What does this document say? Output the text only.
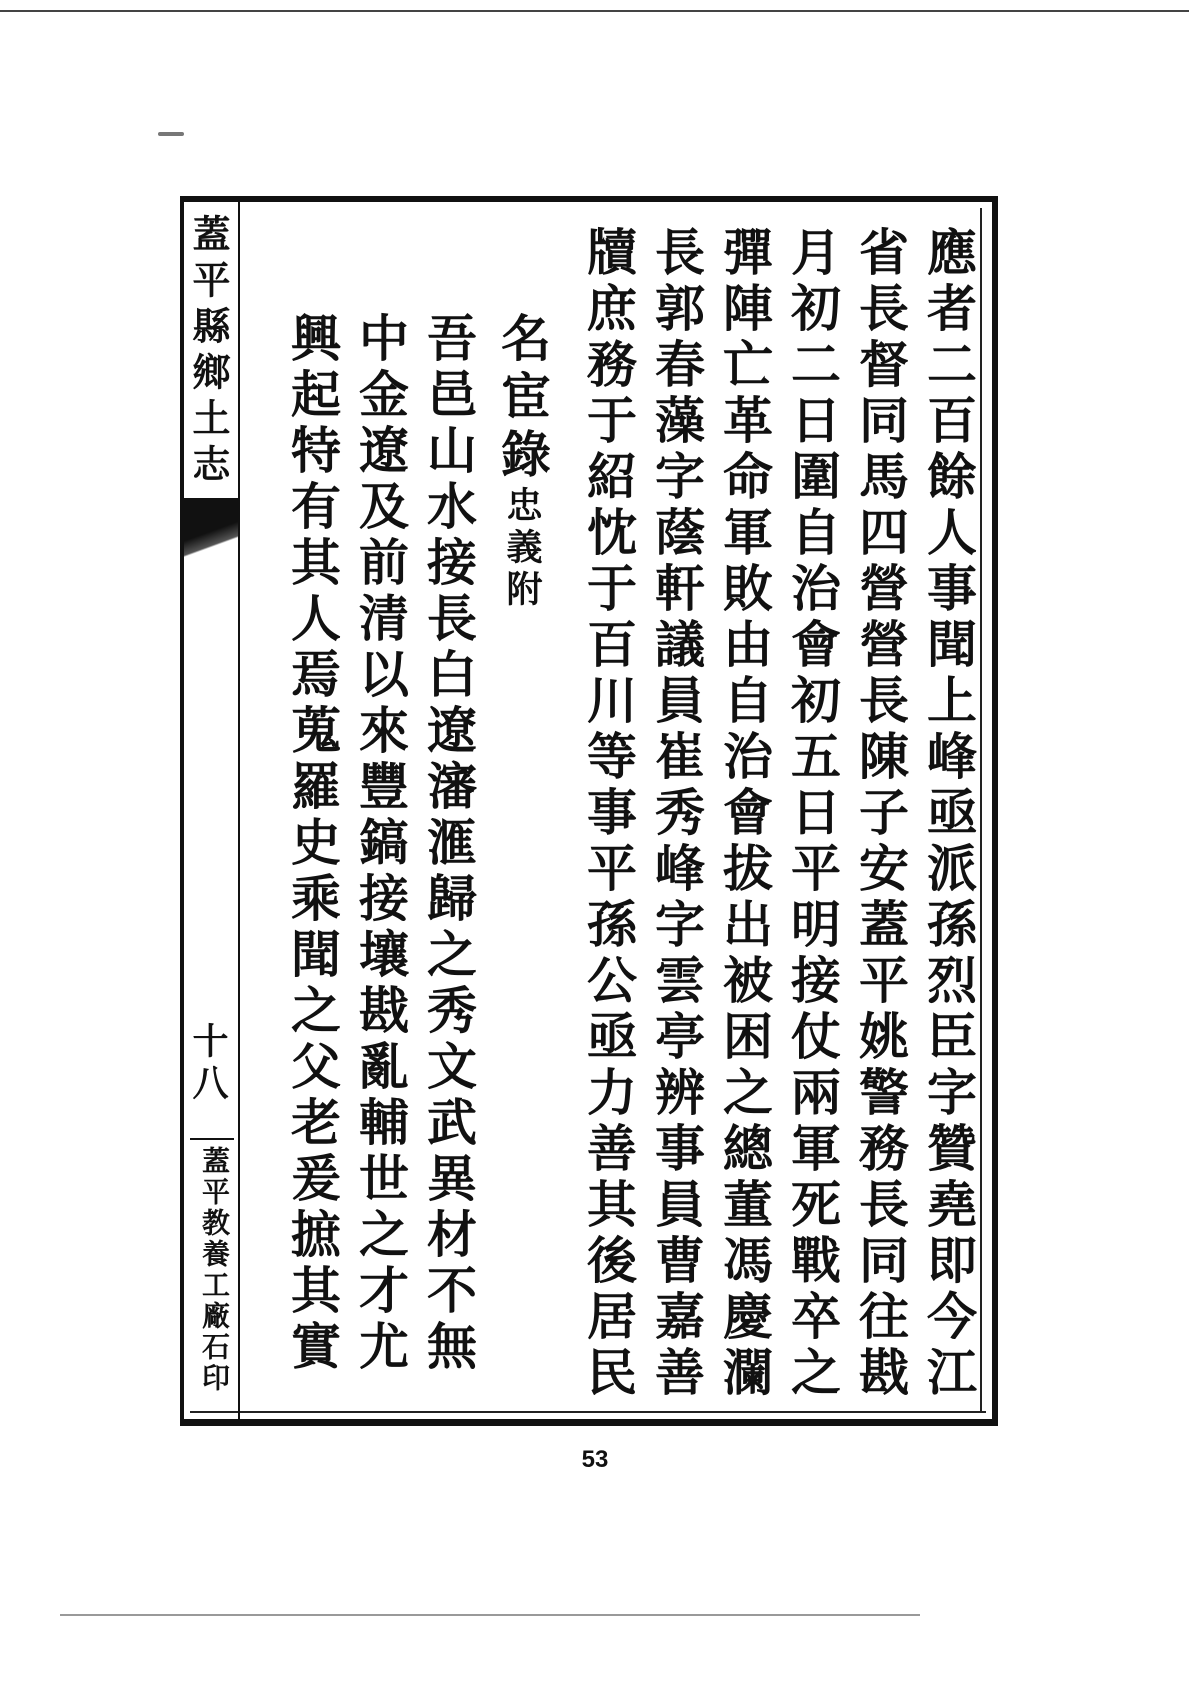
蓋平縣鄉土志
十八
蓋平教養工廠石印
應者二百餘人事聞上峰亟派孫烈臣字贊堯即今江
省長督同馬四營營長陳子安蓋平姚警務長同往戡
月初二日圍自治會初五日平明接仗兩軍死戰卒之
彈陣亡革命軍敗由自治會拔出被困之總董馮慶瀾
長郭春藻字蔭軒議員崔秀峰字雲亭辨事員曹嘉善
牘庶務于紹忱于百川等事平孫公亟力善其後居民
名宦錄忠義附
吾邑山水接長白遼瀋滙歸之秀文武異材不無
中金遼及前清以來豐鎬接壤戡亂輔世之才尤
興起特有其人焉蒐羅史乘聞之父老爰摭其實
53
